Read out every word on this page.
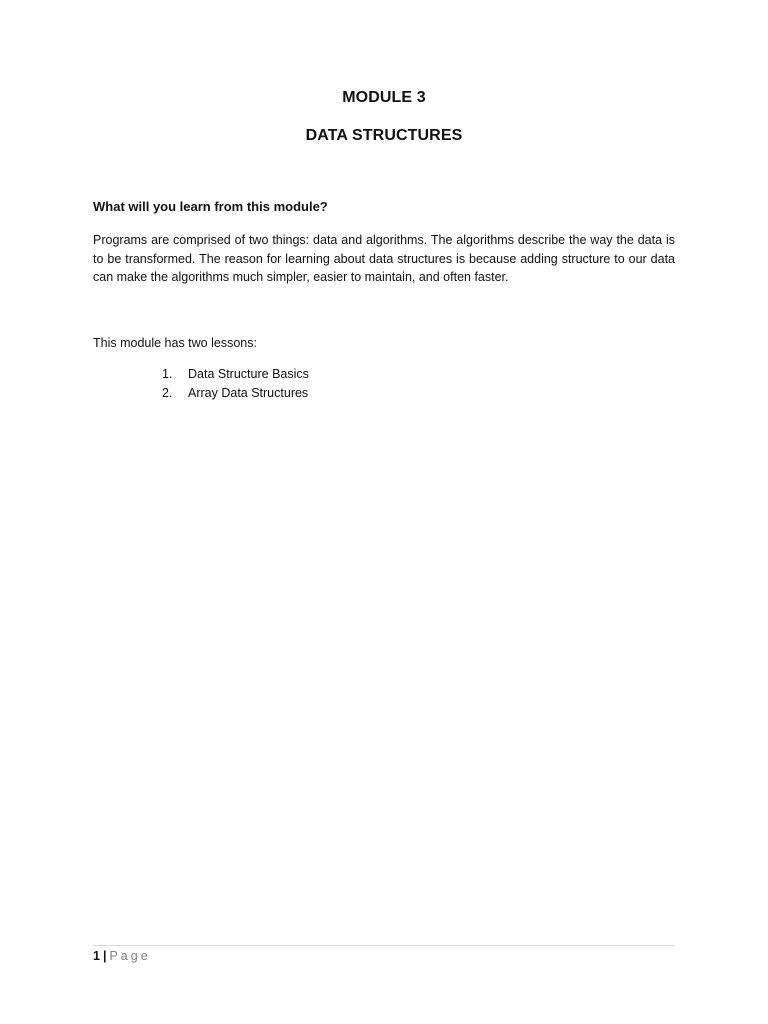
MODULE 3
DATA STRUCTURES
What will you learn from this module?
Programs are comprised of two things: data and algorithms. The algorithms describe the way the data is to be transformed. The reason for learning about data structures is because adding structure to our data can make the algorithms much simpler, easier to maintain, and often faster.
This module has two lessons:
1.	Data Structure Basics
2.	Array Data Structures
1 | Page
